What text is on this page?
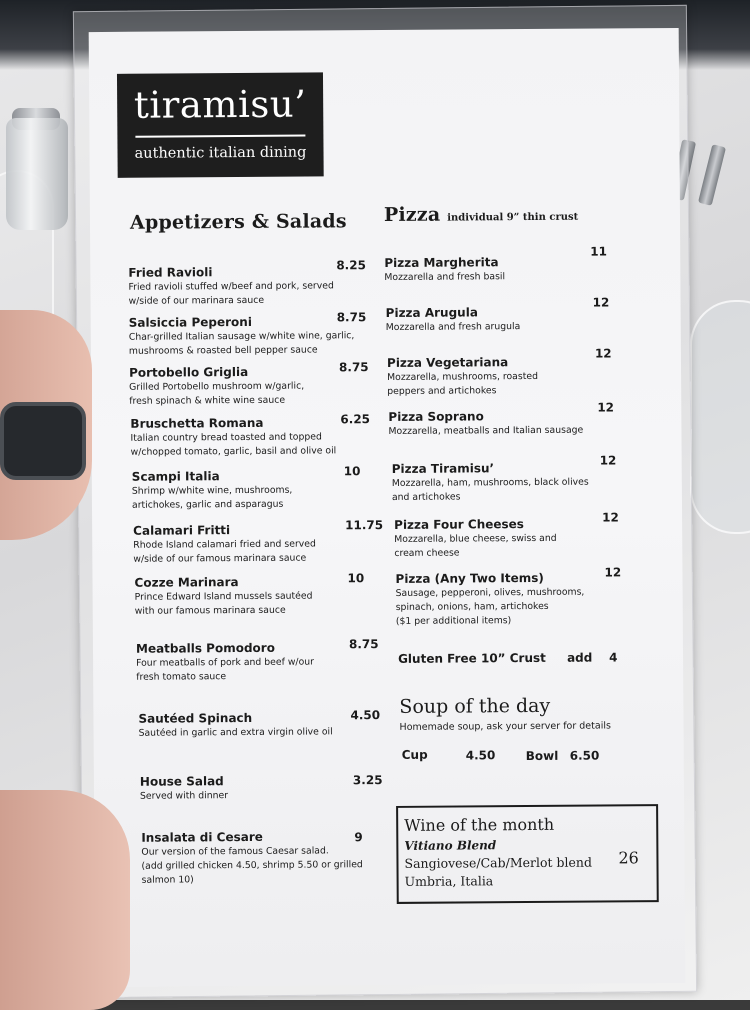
tiramisu’
authentic italian dining
Appetizers & Salads
Fried Ravioli
Fried ravioli stuffed w/beef and pork, served
w/side of our marinara sauce
8.25
Salsiccia Peperoni
Char-grilled Italian sausage w/white wine, garlic,
mushrooms & roasted bell pepper sauce
8.75
Portobello Griglia
Grilled Portobello mushroom w/garlic,
fresh spinach & white wine sauce
8.75
Bruschetta Romana
Italian country bread toasted and topped
w/chopped tomato, garlic, basil and olive oil
6.25
Scampi Italia
Shrimp w/white wine, mushrooms,
artichokes, garlic and asparagus
10
Calamari Fritti
Rhode Island calamari fried and served
w/side of our famous marinara sauce
11.75
Cozze Marinara
Prince Edward Island mussels sautéed
with our famous marinara sauce
10
Meatballs Pomodoro
Four meatballs of pork and beef w/our
fresh tomato sauce
8.75
Sautéed Spinach
Sautéed in garlic and extra virgin olive oil
4.50
House Salad
Served with dinner
3.25
Insalata di Cesare
Our version of the famous Caesar salad.
(add grilled chicken 4.50, shrimp 5.50 or grilled
salmon 10)
9
Pizza individual 9” thin crust
Pizza Margherita
Mozzarella and fresh basil
11
Pizza Arugula
Mozzarella and fresh arugula
12
Pizza Vegetariana
Mozzarella, mushrooms, roasted
peppers and artichokes
12
Pizza Soprano
Mozzarella, meatballs and Italian sausage
12
Pizza Tiramisu’
Mozzarella, ham, mushrooms, black olives
and artichokes
12
Pizza Four Cheeses
Mozzarella, blue cheese, swiss and
cream cheese
12
Pizza (Any Two Items)
Sausage, pepperoni, olives, mushrooms,
spinach, onions, ham, artichokes
($1 per additional items)
12
Gluten Free 10” Crust add 4
Soup of the day
Homemade soup, ask your server for details
Cup	4.50	Bowl 6.50
Wine of the month
Vitiano Blend
Sangiovese/Cab/Merlot blend
Umbria, Italia
26
